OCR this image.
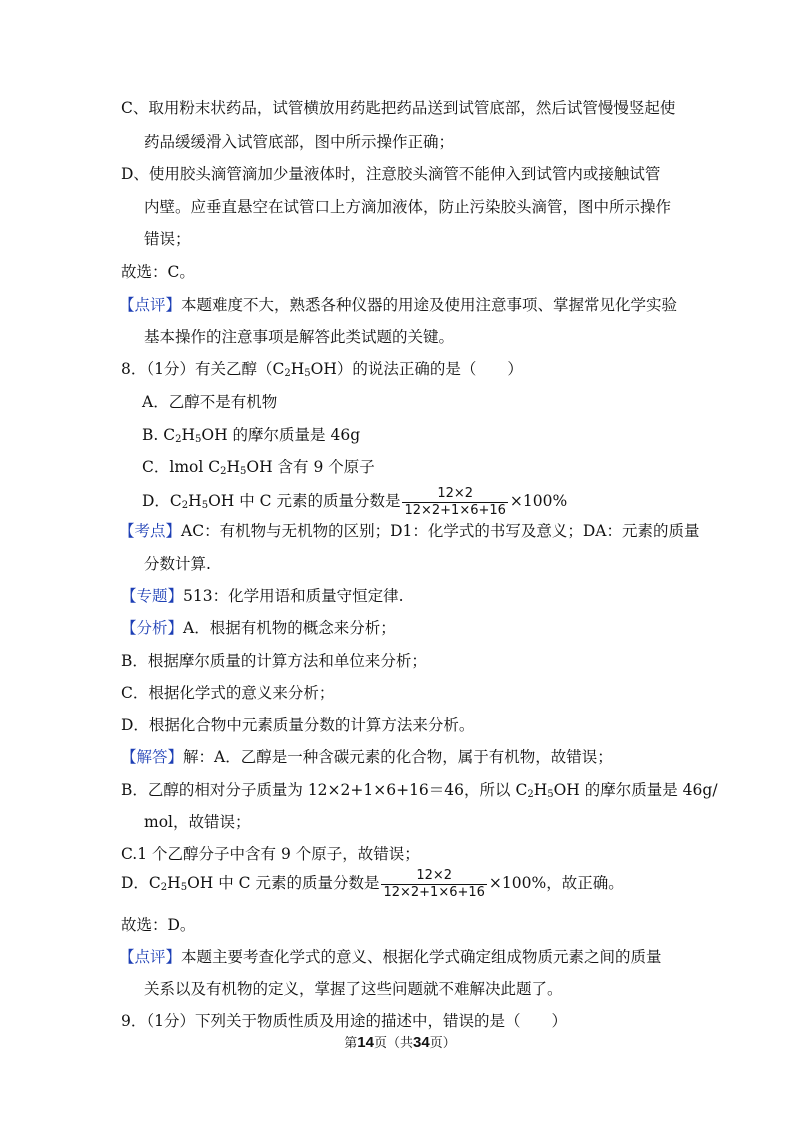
C、取用粉末状药品，试管横放用药匙把药品送到试管底部，然后试管慢慢竖起使
药品缓缓滑入试管底部，图中所示操作正确；
D、使用胶头滴管滴加少量液体时，注意胶头滴管不能伸入到试管内或接触试管
内壁。应垂直悬空在试管口上方滴加液体，防止污染胶头滴管，图中所示操作
错误；
故选：C。
【点评】本题难度不大，熟悉各种仪器的用途及使用注意事项、掌握常见化学实验
基本操作的注意事项是解答此类试题的关键。
8．（1分）有关乙醇$(C_2H_5OH)$的说法正确的是（　　）
A．乙醇不是有机物
B. $C_2H_5OH$ 的摩尔质量是 46g
C．lmol $C_2H_5OH$ 含有 9 个原子
D．$C_2H_5OH$ 中 C 元素的质量分数是 $\frac{12\times 2}{12\times 2+1\times 6+16} \times 100\%$
【考点】AC：有机物与无机物的区别；D1：化学式的书写及意义；DA：元素的质量
分数计算.
【专题】513：化学用语和质量守恒定律.
【分析】A．根据有机物的概念来分析；
B．根据摩尔质量的计算方法和单位来分析；
C．根据化学式的意义来分析；
D．根据化合物中元素质量分数的计算方法来分析。
【解答】解：A．乙醇是一种含碳元素的化合物，属于有机物，故错误；
B．乙醇的相对分子质量为 12×2+1×6+16＝46，所以 $C_2H_5OH$ 的摩尔质量是 46g/
mol，故错误；
C.1 个乙醇分子中含有 9 个原子，故错误；
D．$C_2H_5OH$ 中 C 元素的质量分数是 $\frac{12\times 2}{12\times 2+1\times 6+16} \times 100\%$，故正确。
故选：D。
【点评】本题主要考查化学式的意义、根据化学式确定组成物质元素之间的质量
关系以及有机物的定义，掌握了这些问题就不难解决此题了。
9．（1分）下列关于物质性质及用途的描述中，错误的是（　　）
第14页（共34页）
